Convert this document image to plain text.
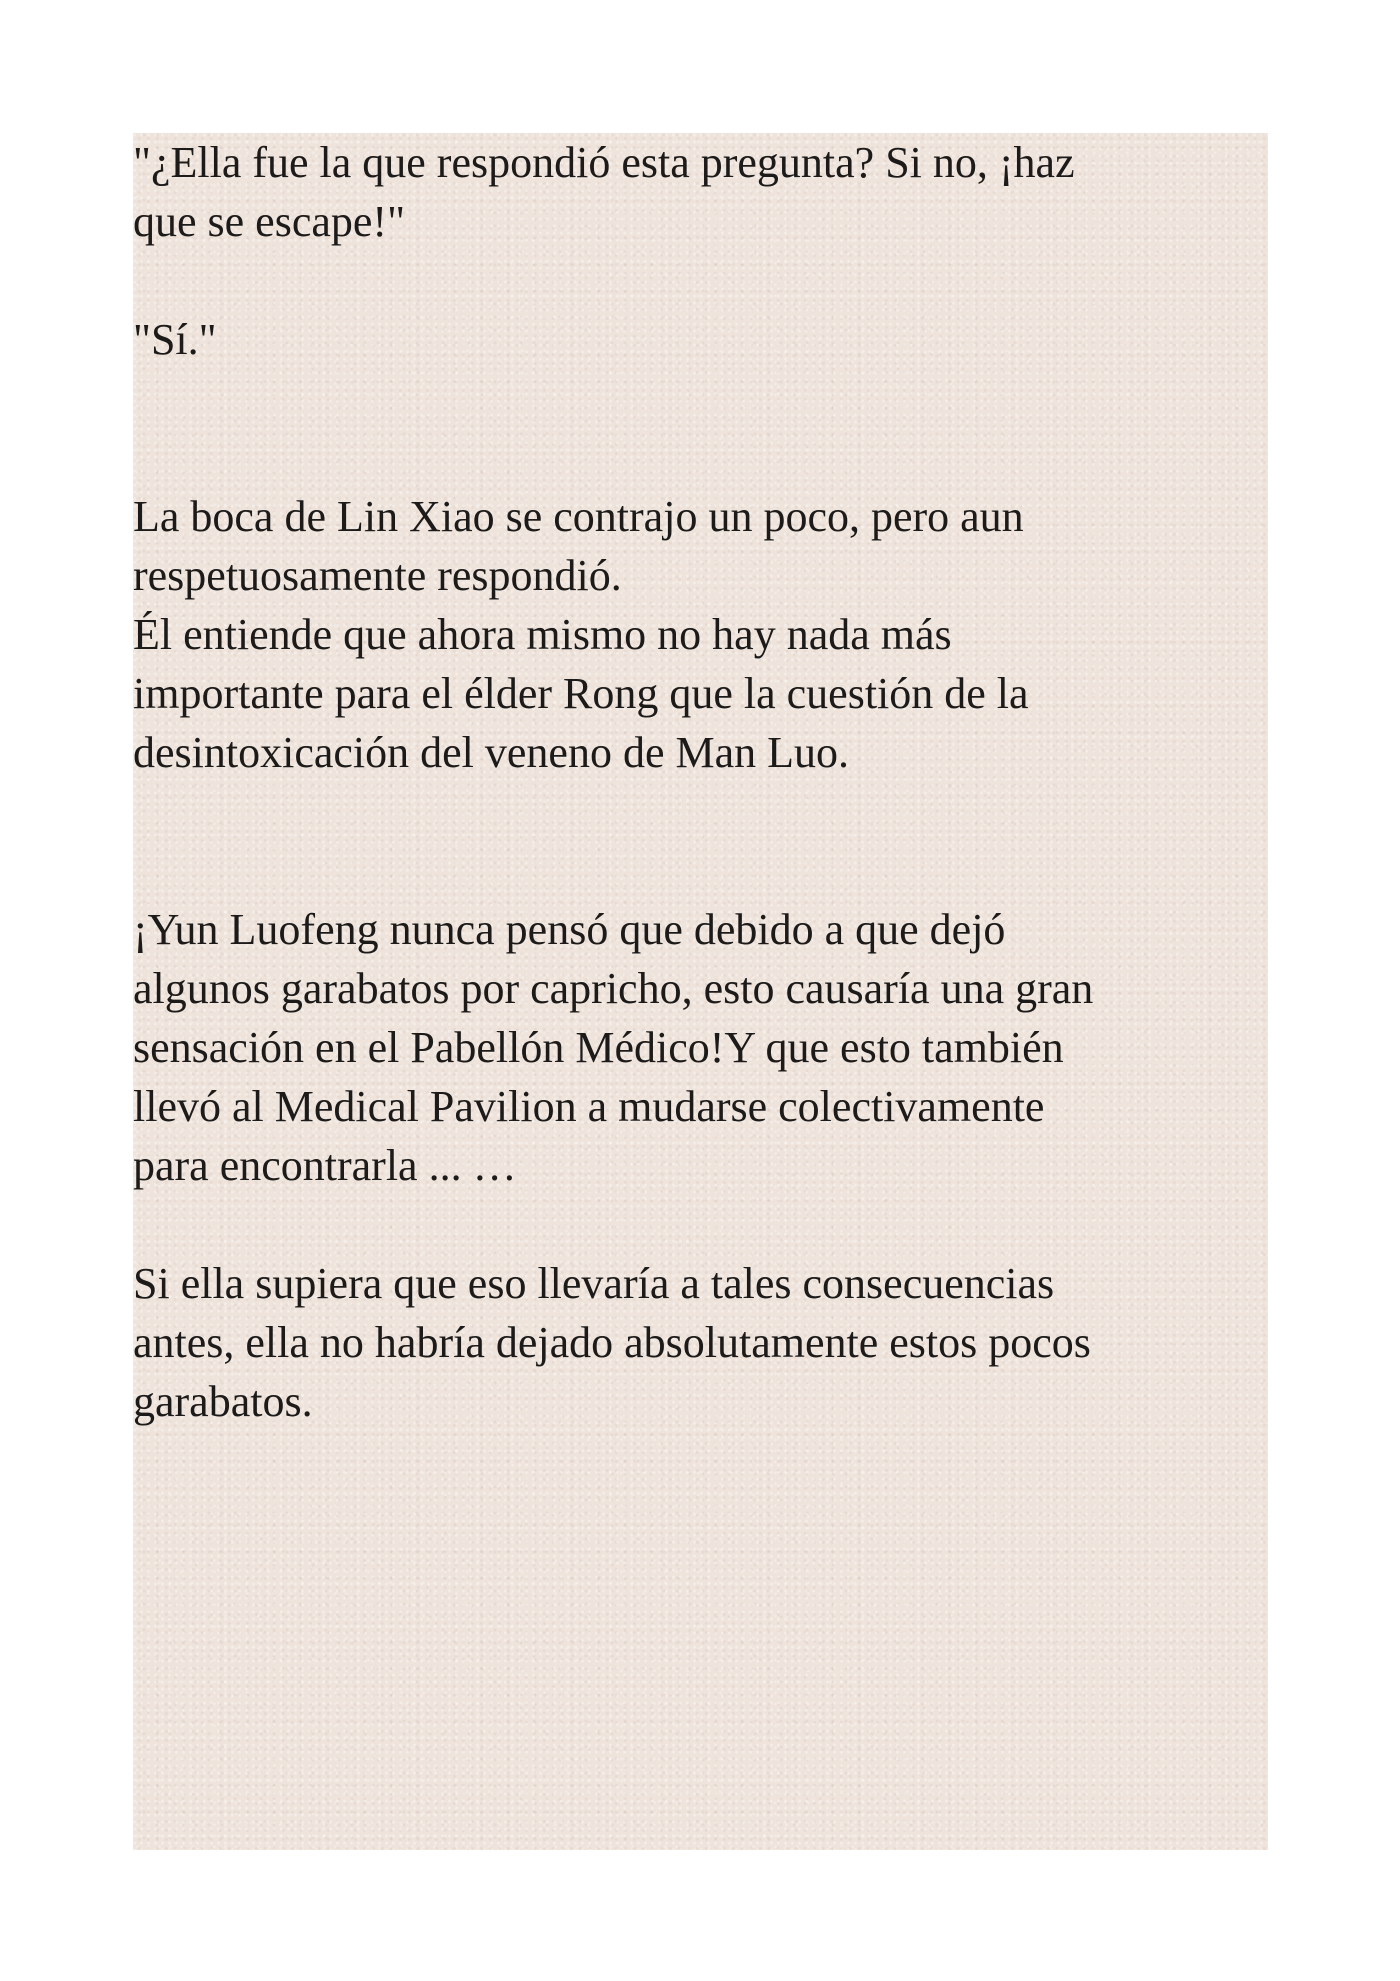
"¿Ella fue la que respondió esta pregunta? Si no, ¡haz
que se escape!"

"Sí."

La boca de Lin Xiao se contrajo un poco, pero aun
respetuosamente respondió.
Él entiende que ahora mismo no hay nada más
importante para el élder Rong que la cuestión de la
desintoxicación del veneno de Man Luo.

¡Yun Luofeng nunca pensó que debido a que dejó
algunos garabatos por capricho, esto causaría una gran
sensación en el Pabellón Médico!Y que esto también
llevó al Medical Pavilion a mudarse colectivamente
para encontrarla ... …

Si ella supiera que eso llevaría a tales consecuencias
antes, ella no habría dejado absolutamente estos pocos
garabatos.
